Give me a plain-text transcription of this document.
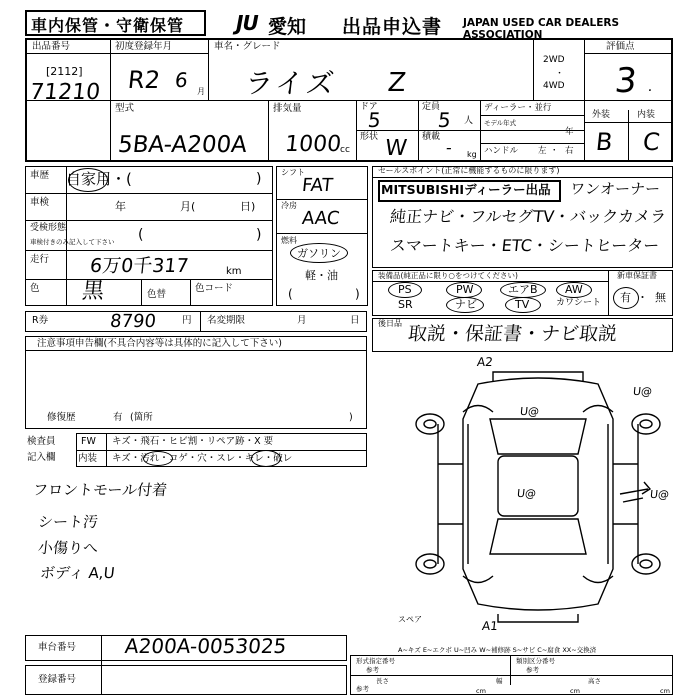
車内保管・守衛保管	JU 愛知 出品申込書 JAPAN USED CAR DEALERS ASSOCIATION
出品番号
[2112]
71210
初度登録年月
R2 6 月
車名・グレード
ライズ Z
2WD
・
4WD
評価点
3 .
型式
5BA-A200A
排気量
1000
cc
ドア
5
定員
5 人
形状 W 積載
- kg
ディーラー・並行
モデル年式
年
ハンドル 左 ・ 右
外装	内装
B C
車歴 自家用・(	)
車検	年	月(	日)
受検形態
車検付きのみ記入して下さい (	)
走行 6万0千317	km
色 黒	色替
色コード
シフト
FAT
冷房
AAC
燃料
ガソリン
軽・油
(	)
セールスポイント(正常に機能するものに限ります)
MITSUBISHIディーラー出品 ワンオーナー
純正ナビ・フルセグTV・バックカメラ
スマートキー・ETC・シートヒーター
装備品(純正品に限り○をつけてください)
PS	PW	エアB AW
SR	ナビ	TV	カワシート
新車保証書
有 ・ 無
後日品 取説・保証書・ナビ取説
R券	8790	円 名変期限	月	日
注意事項申告欄(不具合内容等は具体的に記入して下さい)
修復歴	有 (箇所	)
検査員
記入欄
FW キズ・飛石・ヒビ割・リペア跡・X 要
内装 キズ・汚れ・コゲ・穴・スレ・キレ・破レ
フロントモール付着
シート汚
小傷りへ
ボディ A,U
A2
U@
U@
U@	U@
A1
スペア
A~キズ E~エクボ U~凹み W~補修跡 S~サビ C~腐食 XX~交換済
車台番号 A200A-0053025
登録番号
形式指定番号
参考
類別区分番号
参考
参考
長さ
cm
幅
cm
高さ
cm
